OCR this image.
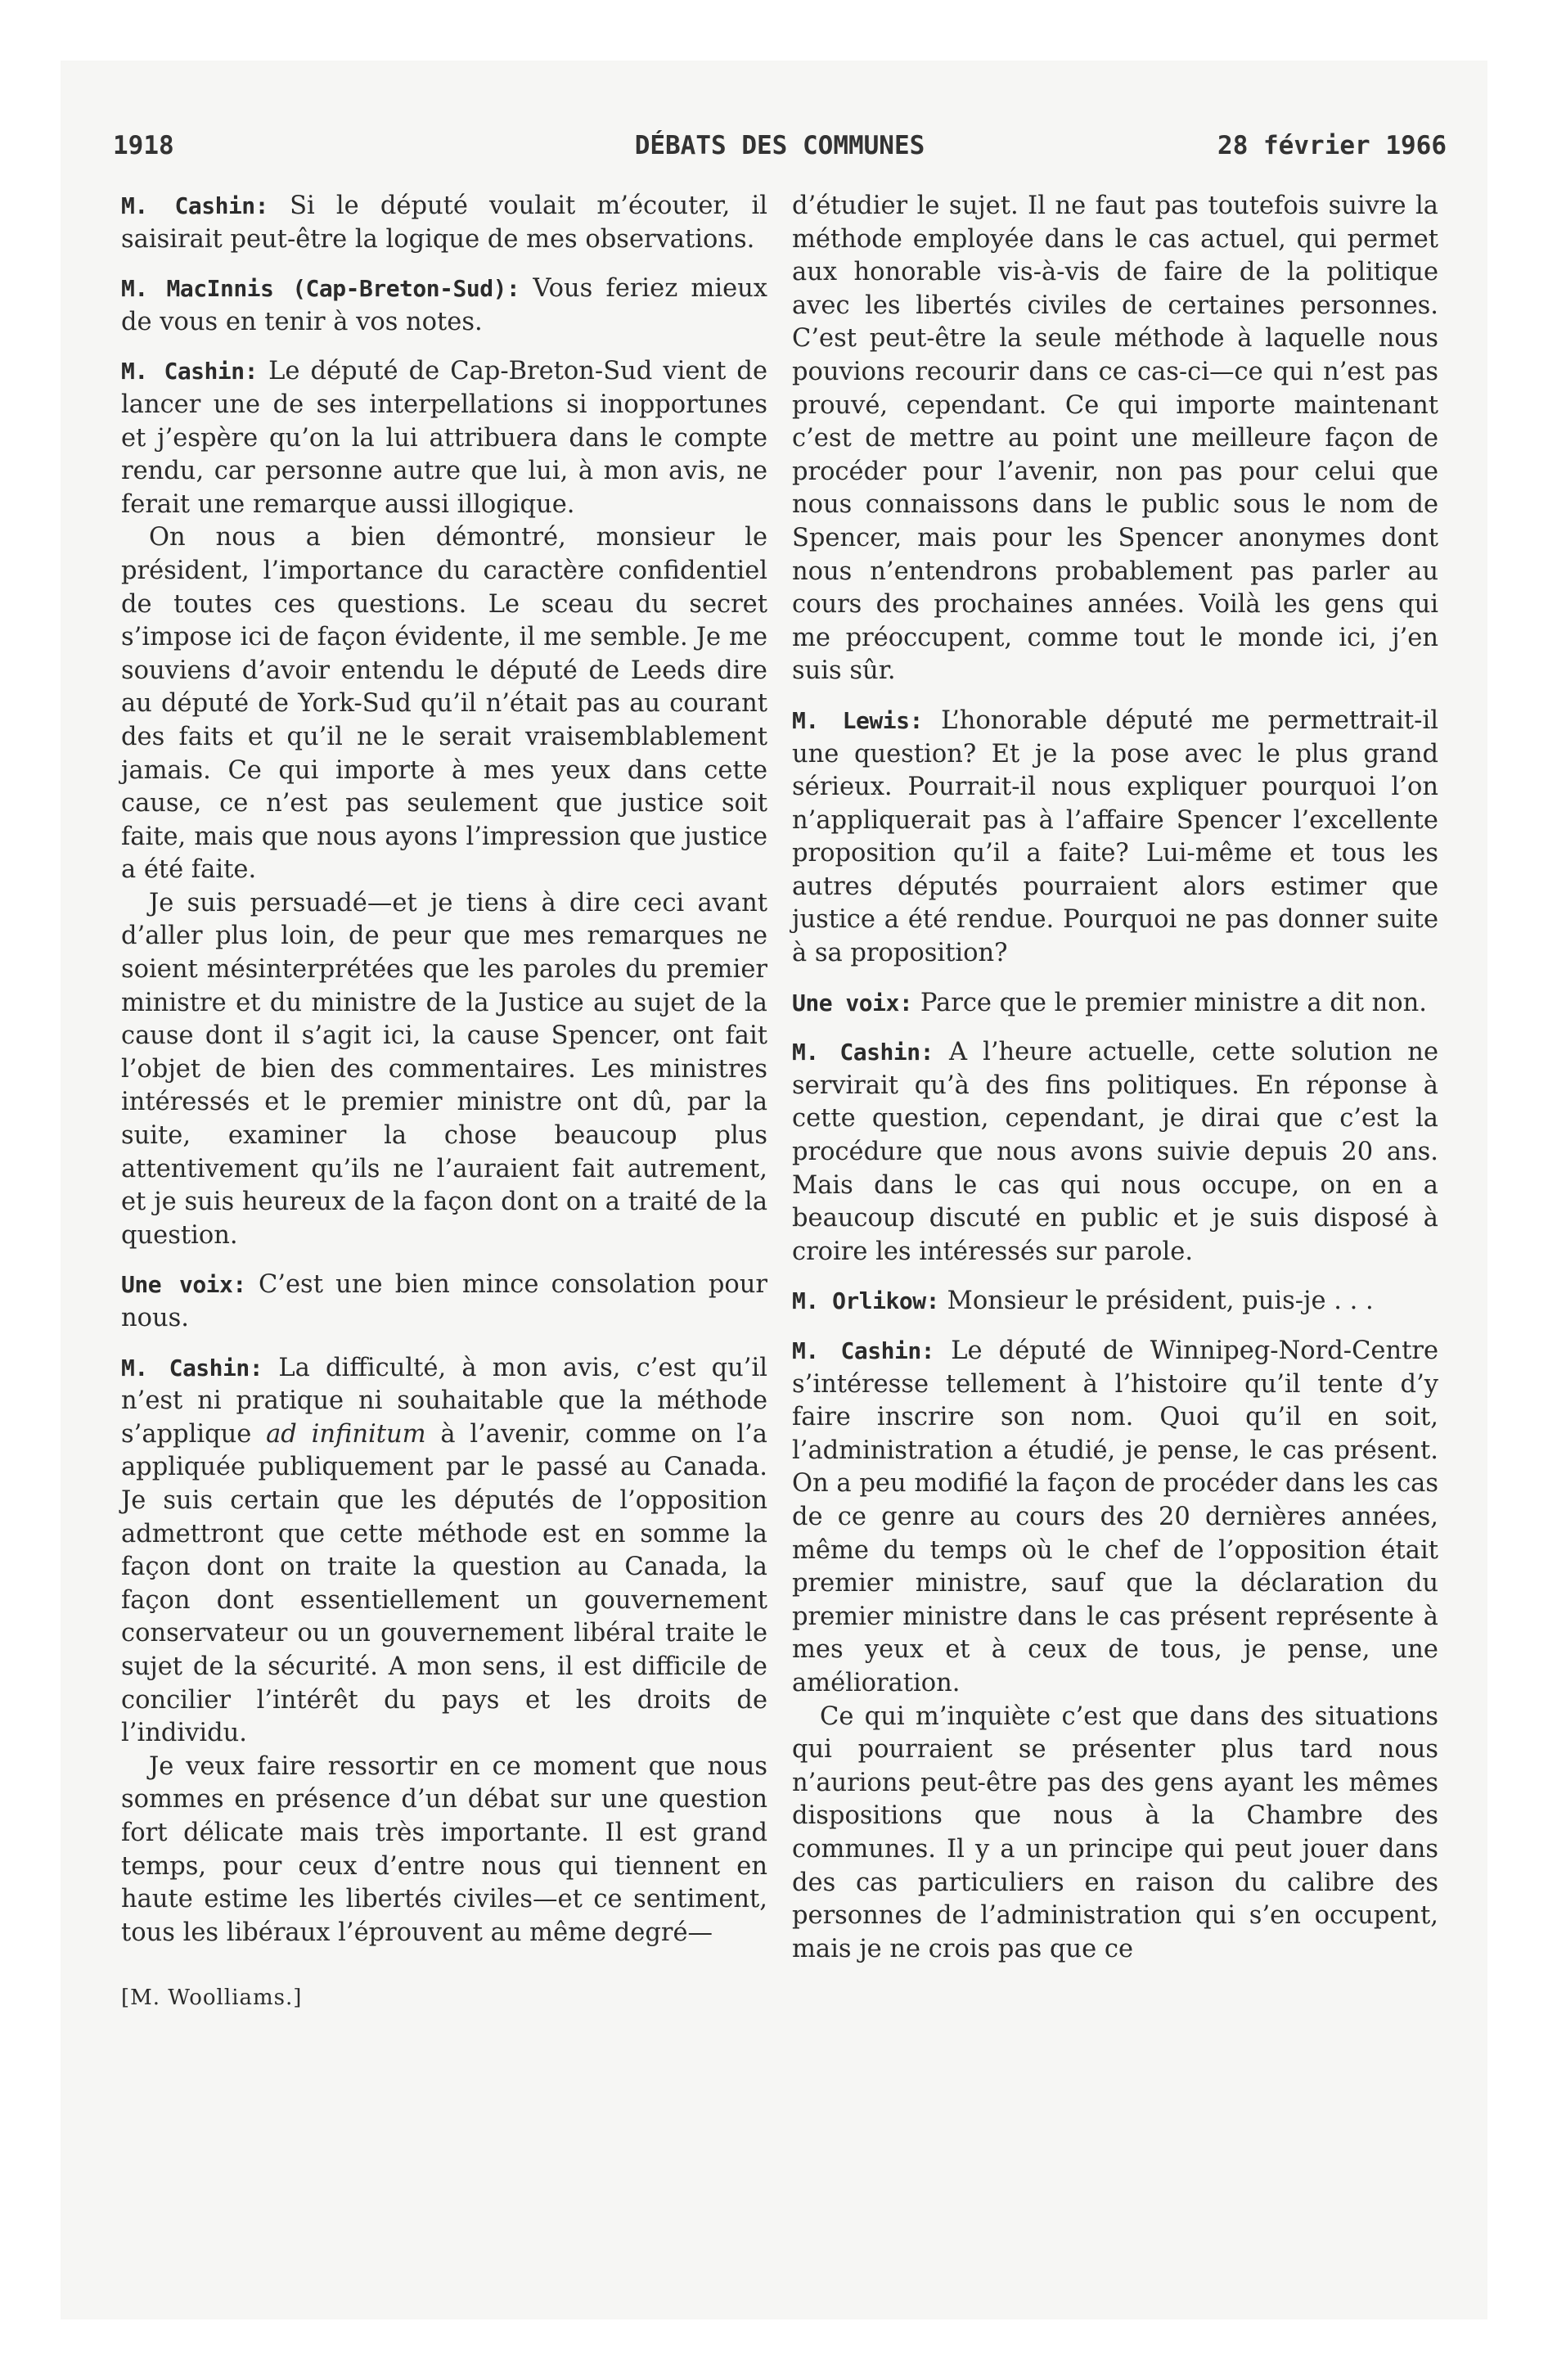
1918	DÉBATS DES COMMUNES	28 février 1966

M. Cashin: Si le député voulait m’écouter, il saisirait peut-être la logique de mes observations.

M. MacInnis (Cap-Breton-Sud): Vous feriez mieux de vous en tenir à vos notes.

M. Cashin: Le député de Cap-Breton-Sud vient de lancer une de ses interpellations si inopportunes et j’espère qu’on la lui attribuera dans le compte rendu, car personne autre que lui, à mon avis, ne ferait une remarque aussi illogique.

On nous a bien démontré, monsieur le président, l’importance du caractère confidentiel de toutes ces questions. Le sceau du secret s’impose ici de façon évidente, il me semble. Je me souviens d’avoir entendu le député de Leeds dire au député de York-Sud qu’il n’était pas au courant des faits et qu’il ne le serait vraisemblablement jamais. Ce qui importe à mes yeux dans cette cause, ce n’est pas seulement que justice soit faite, mais que nous ayons l’impression que justice a été faite.

Je suis persuadé—et je tiens à dire ceci avant d’aller plus loin, de peur que mes remarques ne soient mésinterprétées que les paroles du premier ministre et du ministre de la Justice au sujet de la cause dont il s’agit ici, la cause Spencer, ont fait l’objet de bien des commentaires. Les ministres intéressés et le premier ministre ont dû, par la suite, examiner la chose beaucoup plus attentivement qu’ils ne l’auraient fait autrement, et je suis heureux de la façon dont on a traité de la question.

Une voix: C’est une bien mince consolation pour nous.

M. Cashin: La difficulté, à mon avis, c’est qu’il n’est ni pratique ni souhaitable que la méthode s’applique ad infinitum à l’avenir, comme on l’a appliquée publiquement par le passé au Canada. Je suis certain que les députés de l’opposition admettront que cette méthode est en somme la façon dont on traite la question au Canada, la façon dont essentiellement un gouvernement conservateur ou un gouvernement libéral traite le sujet de la sécurité. A mon sens, il est difficile de concilier l’intérêt du pays et les droits de l’individu.

Je veux faire ressortir en ce moment que nous sommes en présence d’un débat sur une question fort délicate mais très importante. Il est grand temps, pour ceux d’entre nous qui tiennent en haute estime les libertés civiles—et ce sentiment, tous les libéraux l’éprouvent au même degré—

d’étudier le sujet. Il ne faut pas toutefois suivre la méthode employée dans le cas actuel, qui permet aux honorable vis-à-vis de faire de la politique avec les libertés civiles de certaines personnes. C’est peut-être la seule méthode à laquelle nous pouvions recourir dans ce cas-ci—ce qui n’est pas prouvé, cependant. Ce qui importe maintenant c’est de mettre au point une meilleure façon de procéder pour l’avenir, non pas pour celui que nous connaissons dans le public sous le nom de Spencer, mais pour les Spencer anonymes dont nous n’entendrons probablement pas parler au cours des prochaines années. Voilà les gens qui me préoccupent, comme tout le monde ici, j’en suis sûr.

M. Lewis: L’honorable député me permettrait-il une question? Et je la pose avec le plus grand sérieux. Pourrait-il nous expliquer pourquoi l’on n’appliquerait pas à l’affaire Spencer l’excellente proposition qu’il a faite? Lui-même et tous les autres députés pourraient alors estimer que justice a été rendue. Pourquoi ne pas donner suite à sa proposition?

Une voix: Parce que le premier ministre a dit non.

M. Cashin: A l’heure actuelle, cette solution ne servirait qu’à des fins politiques. En réponse à cette question, cependant, je dirai que c’est la procédure que nous avons suivie depuis 20 ans. Mais dans le cas qui nous occupe, on en a beaucoup discuté en public et je suis disposé à croire les intéressés sur parole.

M. Orlikow: Monsieur le président, puis-je . . .

M. Cashin: Le député de Winnipeg-Nord-Centre s’intéresse tellement à l’histoire qu’il tente d’y faire inscrire son nom. Quoi qu’il en soit, l’administration a étudié, je pense, le cas présent. On a peu modifié la façon de procéder dans les cas de ce genre au cours des 20 dernières années, même du temps où le chef de l’opposition était premier ministre, sauf que la déclaration du premier ministre dans le cas présent représente à mes yeux et à ceux de tous, je pense, une amélioration.

Ce qui m’inquiète c’est que dans des situations qui pourraient se présenter plus tard nous n’aurions peut-être pas des gens ayant les mêmes dispositions que nous à la Chambre des communes. Il y a un principe qui peut jouer dans des cas particuliers en raison du calibre des personnes de l’administration qui s’en occupent, mais je ne crois pas que ce

[M. Woolliams.]
